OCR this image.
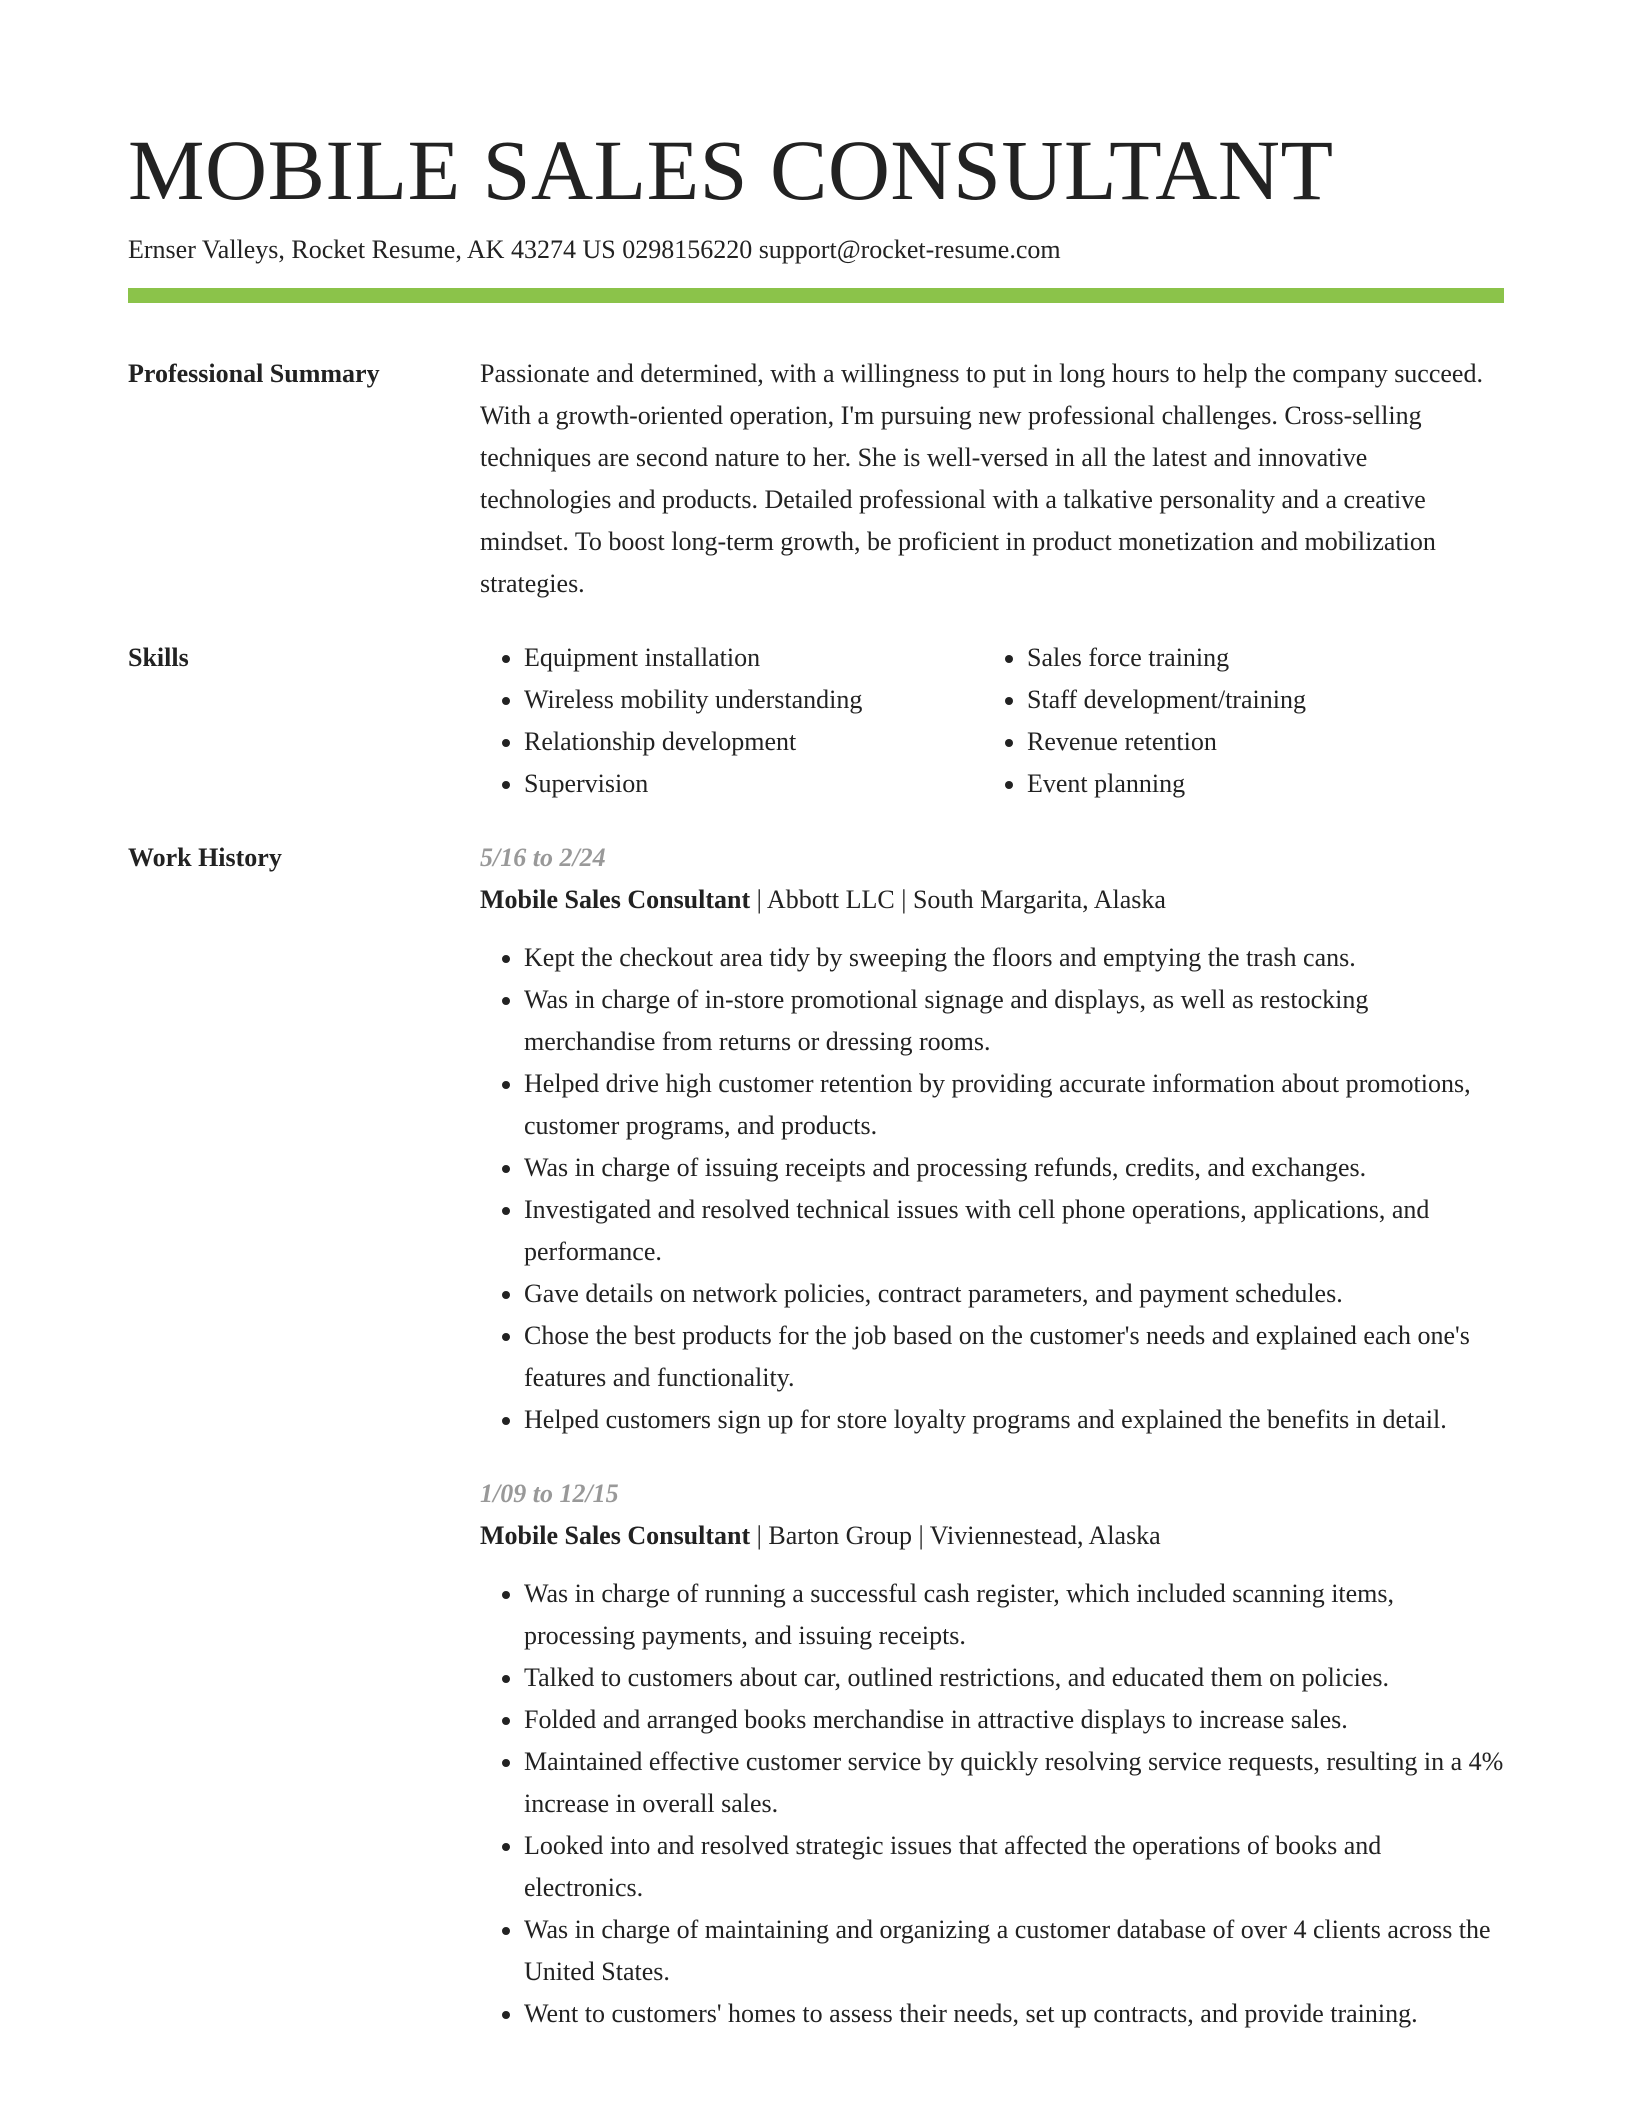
MOBILE SALES CONSULTANT
Ernser Valleys, Rocket Resume, AK 43274 US 0298156220 support@rocket-resume.com
Professional Summary	Passionate and determined, with a willingness to put in long hours to help the company succeed. With a growth-oriented operation, I'm pursuing new professional challenges. Cross-selling techniques are second nature to her. She is well-versed in all the latest and innovative technologies and products. Detailed professional with a talkative personality and a creative mindset. To boost long-term growth, be proficient in product monetization and mobilization strategies.
Skills
•	Equipment installation
• Wireless mobility understanding
• Relationship development
• Supervision
• Sales force training
• Staff development/training
• Revenue retention
• Event planning
Work History	5/16 to 2/24
Mobile Sales Consultant | Abbott LLC | South Margarita, Alaska
• Kept the checkout area tidy by sweeping the floors and emptying the trash cans.
• Was in charge of in-store promotional signage and displays, as well as restocking merchandise from returns or dressing rooms.
• Helped drive high customer retention by providing accurate information about promotions, customer programs, and products.
• Was in charge of issuing receipts and processing refunds, credits, and exchanges.
• Investigated and resolved technical issues with cell phone operations, applications, and performance.
• Gave details on network policies, contract parameters, and payment schedules.
• Chose the best products for the job based on the customer's needs and explained each one's features and functionality.
• Helped customers sign up for store loyalty programs and explained the benefits in detail.
1/09 to 12/15
Mobile Sales Consultant | Barton Group | Viviennestead, Alaska
• Was in charge of running a successful cash register, which included scanning items, processing payments, and issuing receipts.
• Talked to customers about car, outlined restrictions, and educated them on policies.
• Folded and arranged books merchandise in attractive displays to increase sales.
• Maintained effective customer service by quickly resolving service requests, resulting in a 4% increase in overall sales.
• Looked into and resolved strategic issues that affected the operations of books and electronics.
• Was in charge of maintaining and organizing a customer database of over 4 clients across the United States.
• Went to customers' homes to assess their needs, set up contracts, and provide training.
